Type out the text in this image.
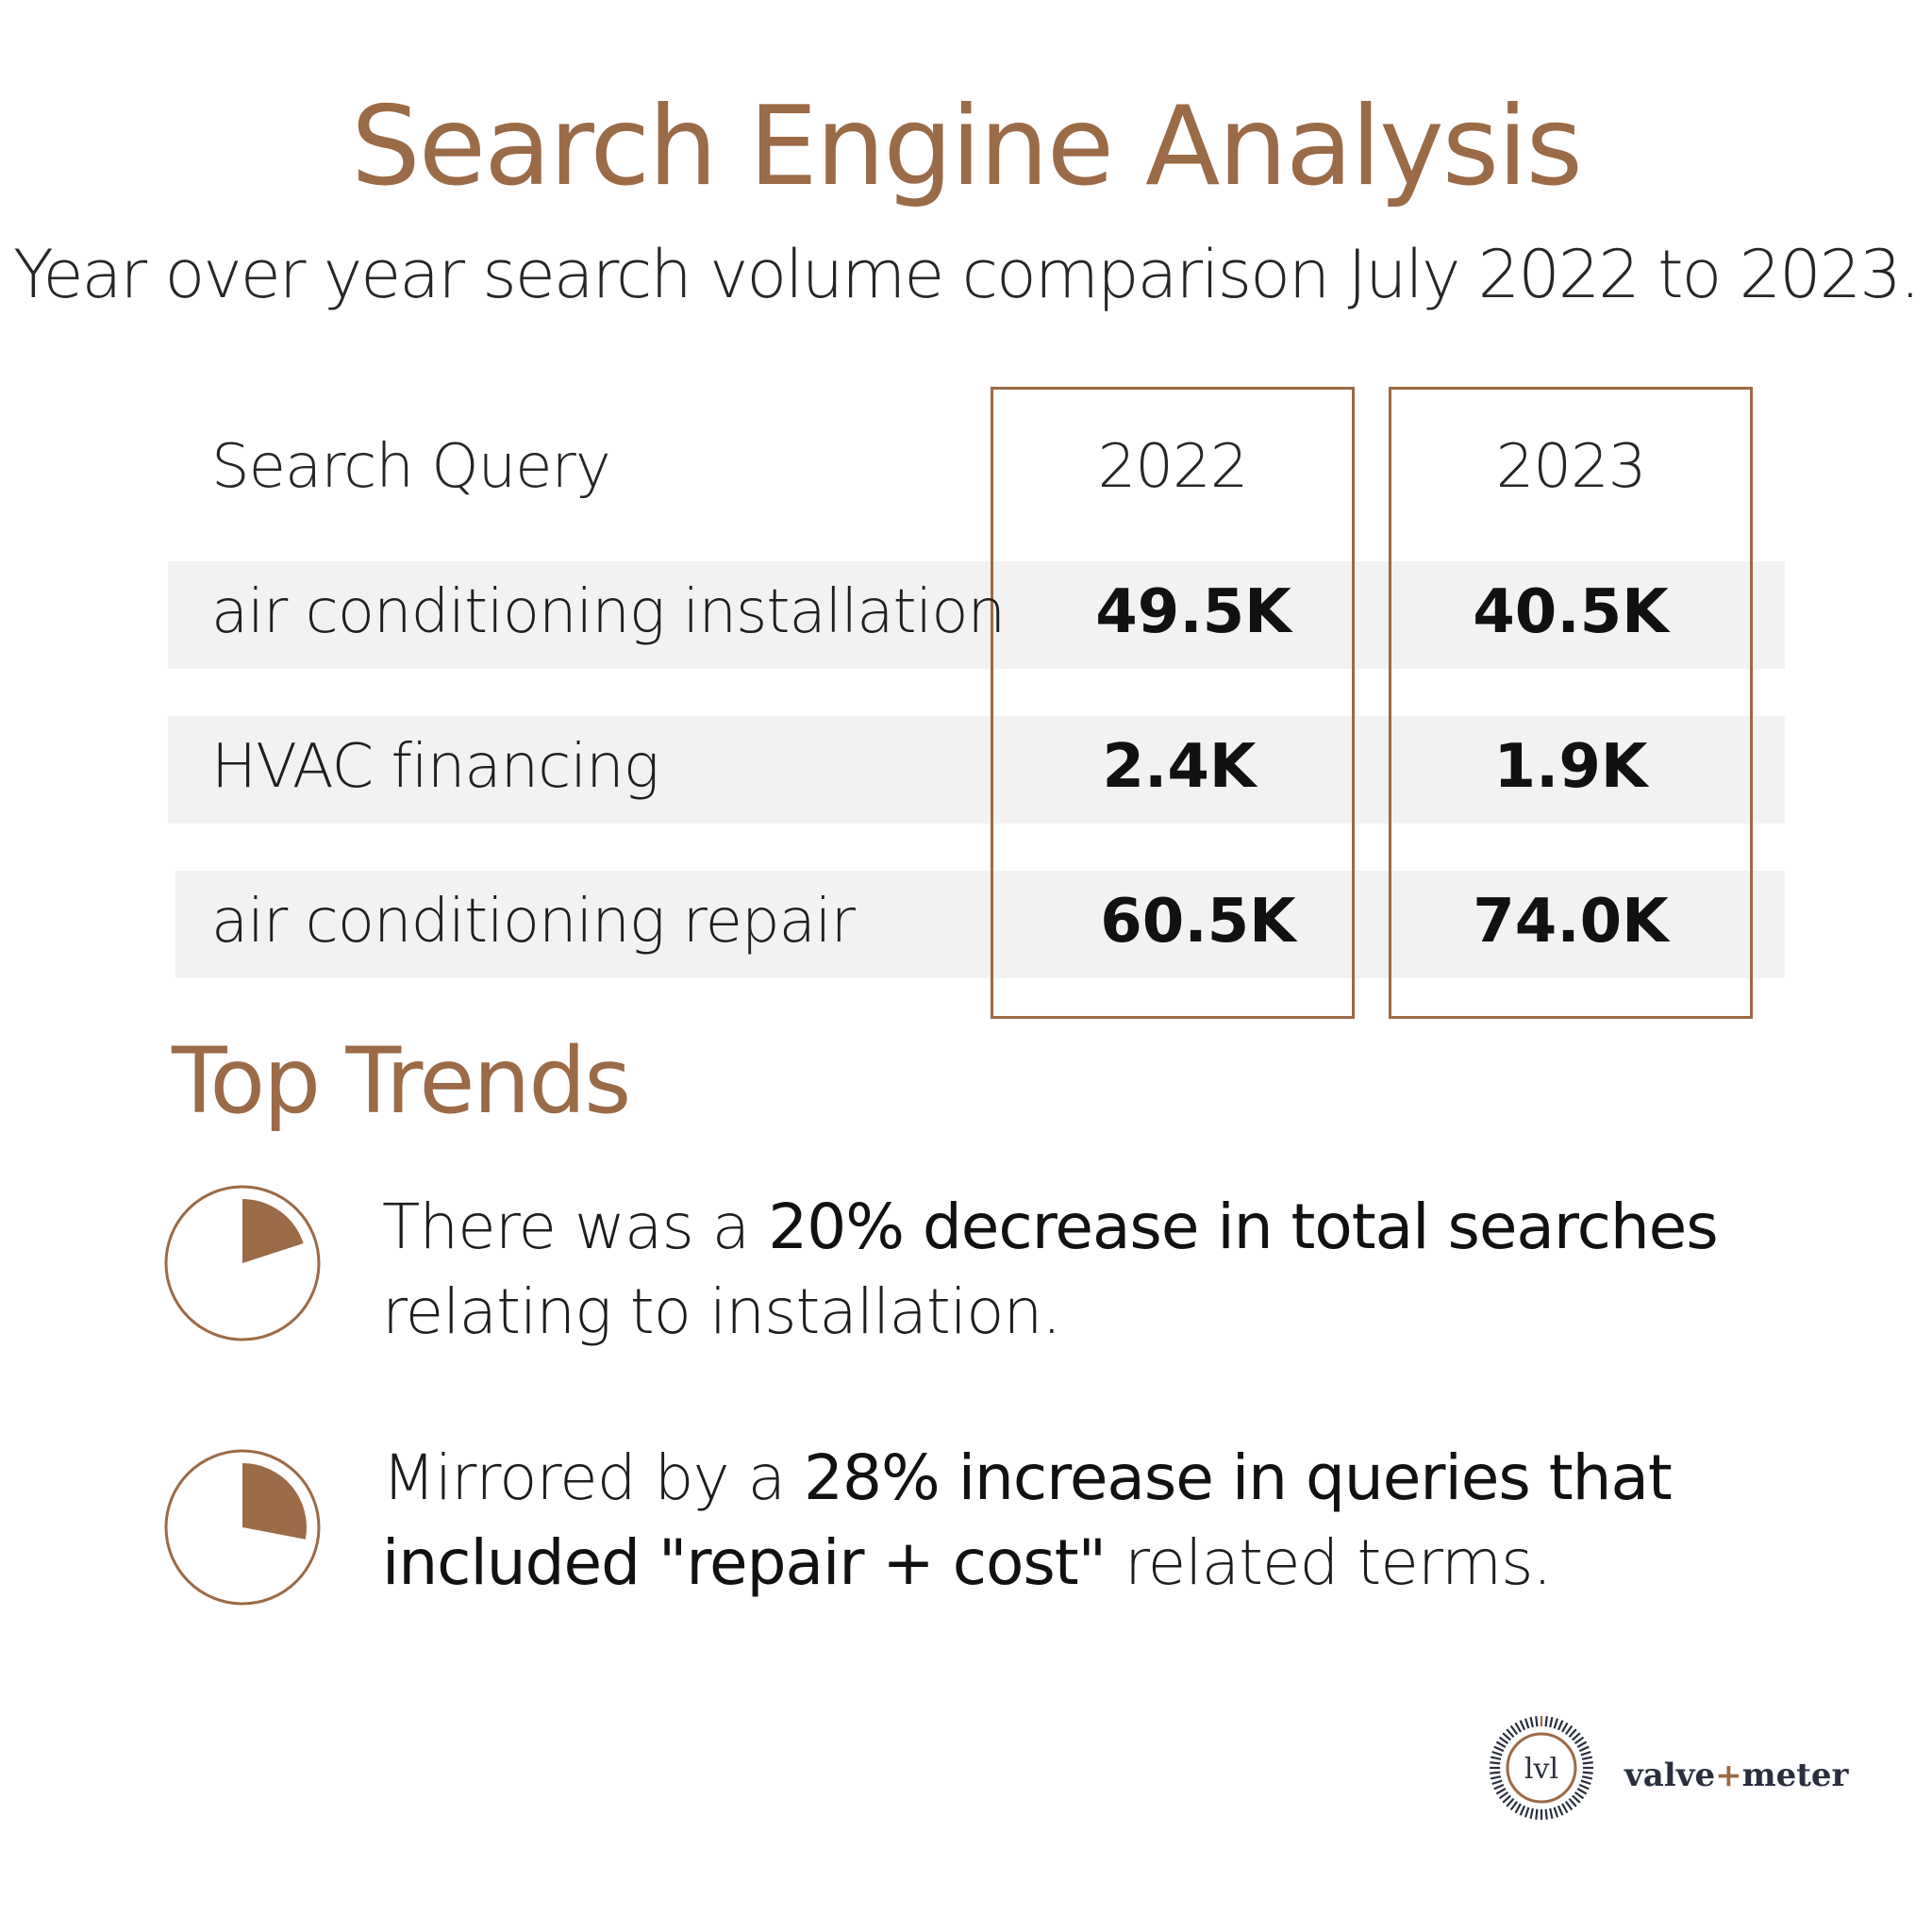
Search Engine Analysis
Year over year search volume comparison July 2022 to 2023.
Search Query	2022	2023
air conditioning installation	49.5K	40.5K
HVAC financing	2.4K	1.9K
air conditioning repair	60.5K	74.0K
Top Trends
There was a 20% decrease in total searches relating to installation.
Mirrored by a 28% increase in queries that included "repair + cost" related terms.
lvl valve+meter
